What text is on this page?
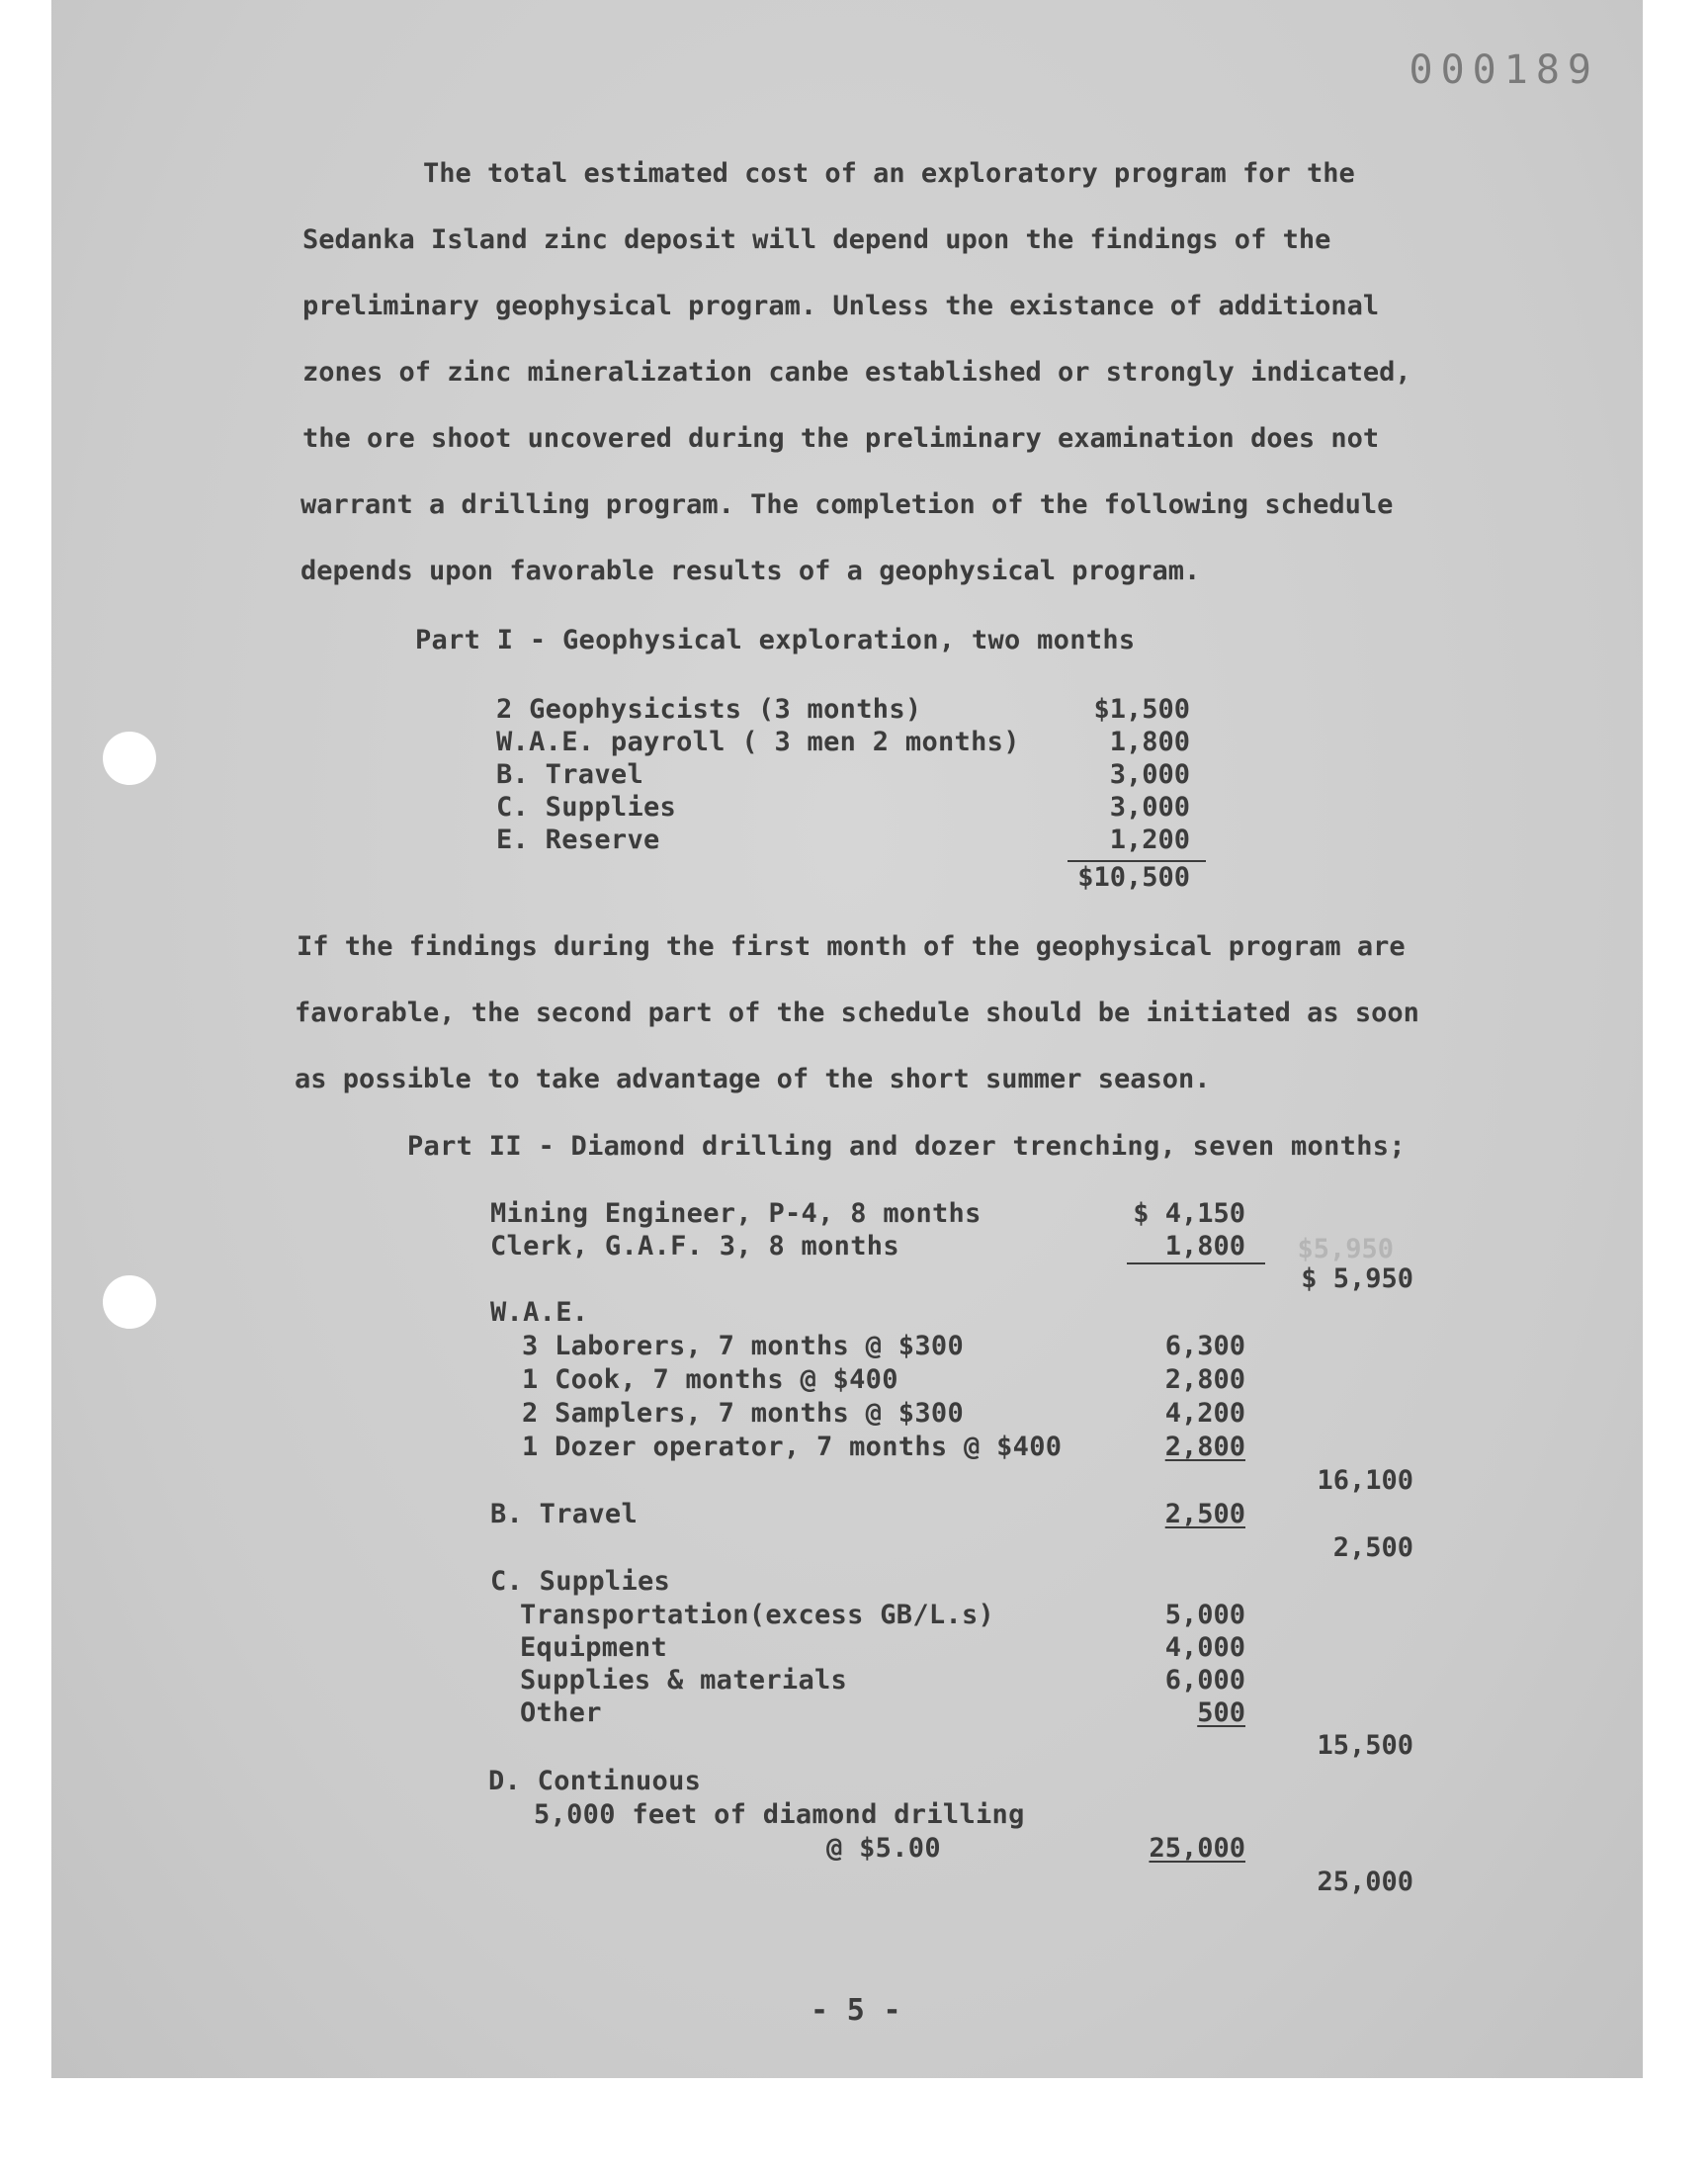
000189
The total estimated cost of an exploratory program for the
Sedanka Island zinc deposit will depend upon the findings of the
preliminary geophysical program. Unless the existance of additional
zones of zinc mineralization canbe established or strongly indicated,
the ore shoot uncovered during the preliminary examination does not
warrant a drilling program. The completion of the following schedule
depends upon favorable results of a geophysical program.
Part I - Geophysical exploration, two months
2 Geophysicists (3 months)	$1,500
W.A.E. payroll ( 3 men 2 months)	1,800
B. Travel	3,000
C. Supplies	3,000
E. Reserve	1,200
$10,500
If the findings during the first month of the geophysical program are
favorable, the second part of the schedule should be initiated as soon
as possible to take advantage of the short summer season.
Part II - Diamond drilling and dozer trenching, seven months;
Mining Engineer, P-4, 8 months	$ 4,150
Clerk, G.A.F. 3, 8 months	1,800	$5,950
$ 5,950
W.A.E.
3 Laborers, 7 months @ $300	6,300
1 Cook, 7 months @ $400	2,800
2 Samplers, 7 months @ $300	4,200
1 Dozer operator, 7 months @ $400	2,800
16,100
B. Travel	2,500
2,500
C. Supplies
Transportation(excess GB/L.s)	5,000
Equipment	4,000
Supplies & materials	6,000
Other	500
15,500
D. Continuous
5,000 feet of diamond drilling
@ $5.00	25,000
25,000
- 5 -
